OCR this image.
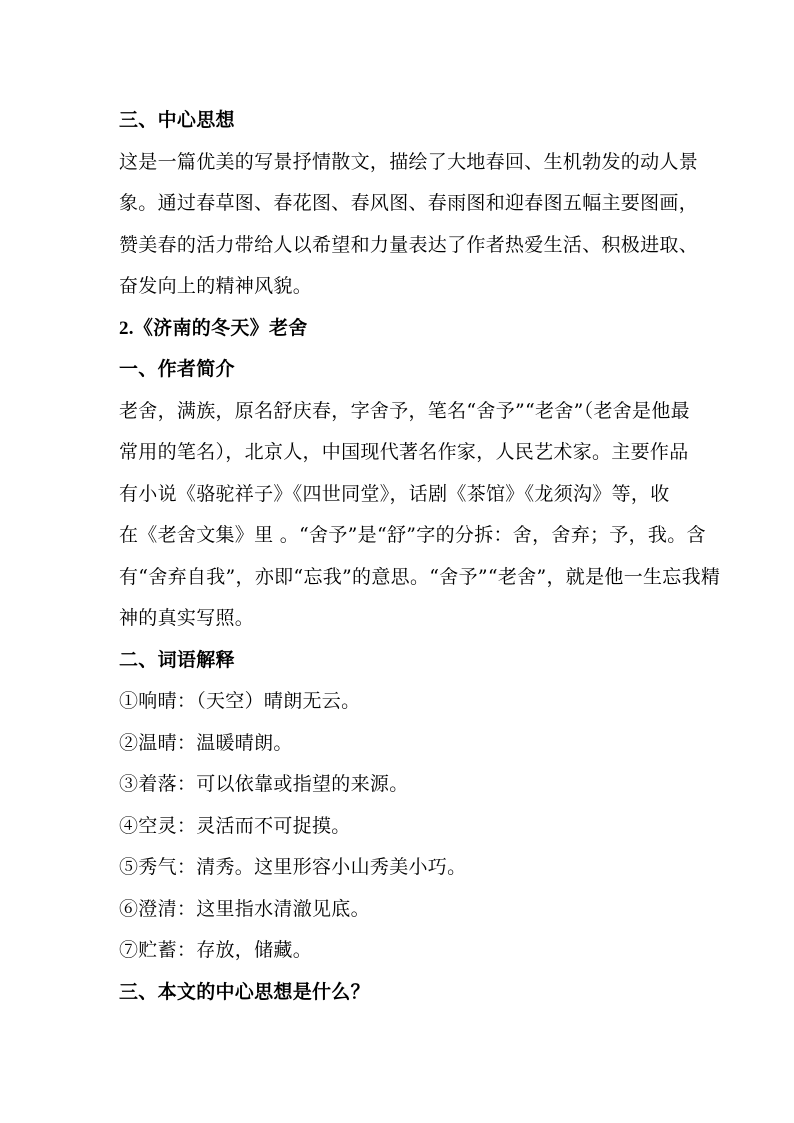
三、中心思想
这是一篇优美的写景抒情散文，描绘了大地春回、生机勃发的动人景
象。通过春草图、春花图、春风图、春雨图和迎春图五幅主要图画，
赞美春的活力带给人以希望和力量表达了作者热爱生活、积极进取、
奋发向上的精神风貌。
2.《济南的冬天》老舍
一、作者简介
老舍，满族，原名舒庆春，字舍予，笔名“舍予”“老舍”（老舍是他最
常用的笔名），北京人，中国现代著名作家，人民艺术家。主要作品
有小说《骆驼祥子》《四世同堂》，话剧《茶馆》《龙须沟》等，收
在《老舍文集》里 。“舍予”是“舒”字的分拆：舍，舍弃；予，我。含
有“舍弃自我”，亦即“忘我”的意思。“舍予”“老舍”，就是他一生忘我精
神的真实写照。
二、词语解释
①响晴：（天空）晴朗无云。
②温晴：温暖晴朗。
③着落：可以依靠或指望的来源。
④空灵：灵活而不可捉摸。
⑤秀气：清秀。这里形容小山秀美小巧。
⑥澄清：这里指水清澈见底。
⑦贮蓄：存放，储藏。
三、本文的中心思想是什么？
